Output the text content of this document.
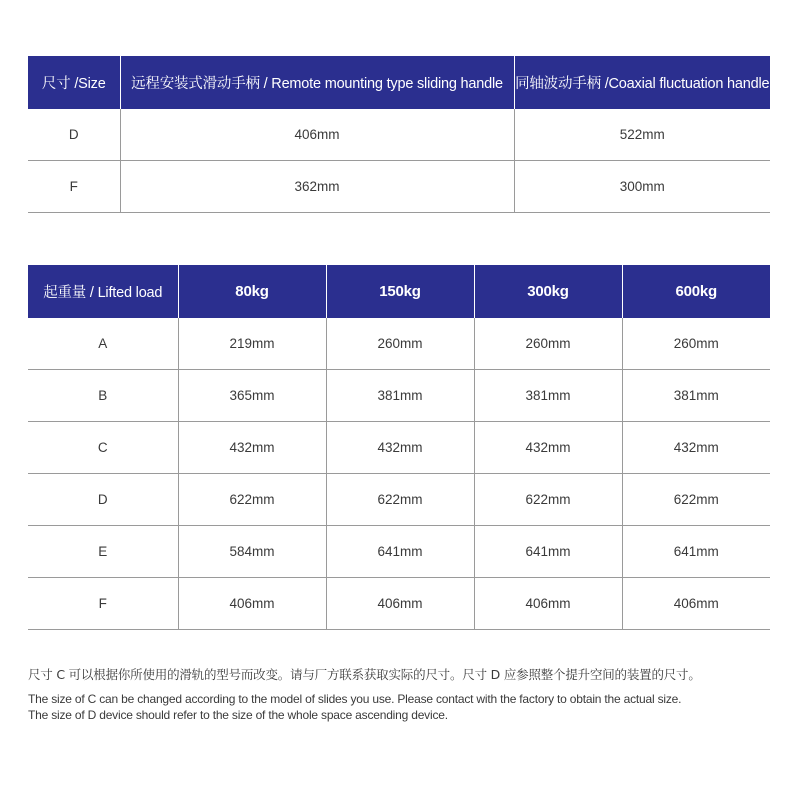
尺寸 /Size	远程安装式滑动手柄 / Remote mounting type sliding handle	同轴波动手柄 /Coaxial fluctuation handle
D	406mm	522mm
F	362mm	300mm
起重量 / Lifted load	80kg	150kg	300kg	600kg
A	219mm	260mm	260mm	260mm
B	365mm	381mm	381mm	381mm
C	432mm	432mm	432mm	432mm
D	622mm	622mm	622mm	622mm
E	584mm	641mm	641mm	641mm
F	406mm	406mm	406mm	406mm

尺寸 C 可以根据你所使用的滑轨的型号而改变。请与厂方联系获取实际的尺寸。尺寸 D 应参照整个提升空间的装置的尺寸。

The size of C can be changed according to the model of slides you use. Please contact with the factory to obtain the actual size.

The size of D device should refer to the size of the whole space ascending device.
